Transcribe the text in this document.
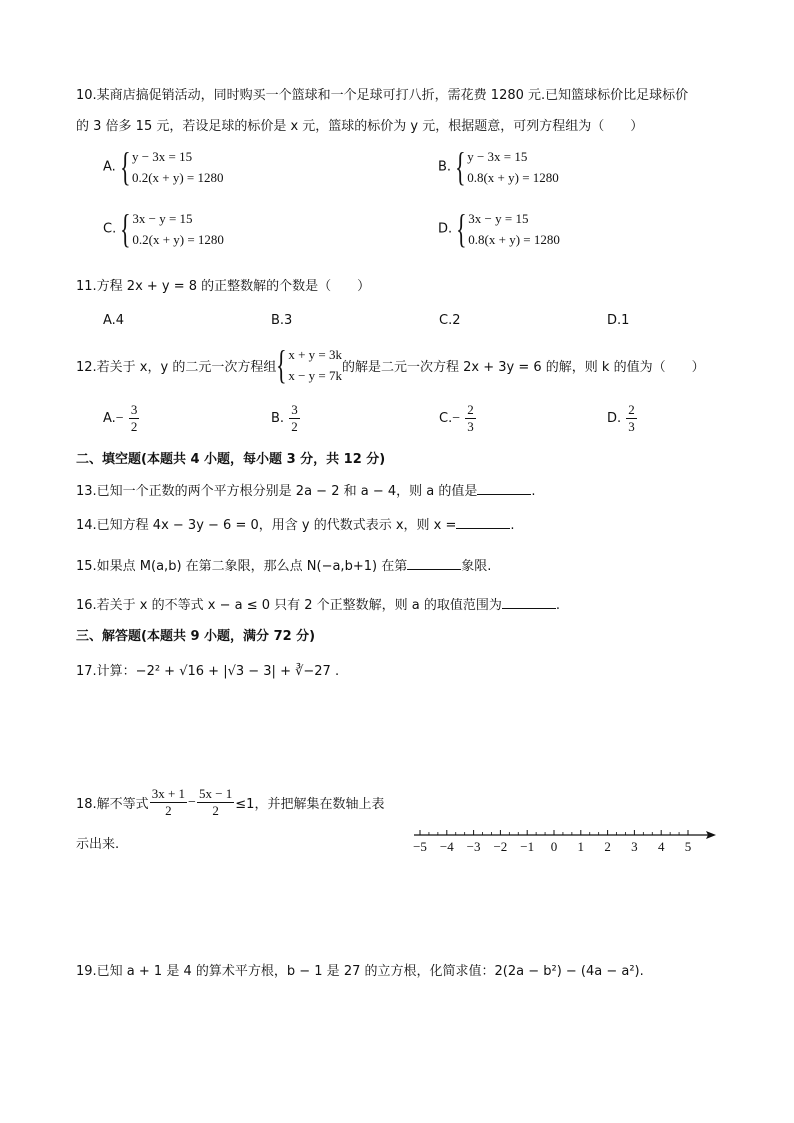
10.某商店搞促销活动，同时购买一个篮球和一个足球可打八折，需花费 1280 元.已知篮球标价比足球标价
的 3 倍多 15 元，若设足球的标价是 x 元，篮球的标价为 y 元，根据题意，可列方程组为（　　）
A. { y − 3x = 15
0.2(x + y) = 1280
B. { y − 3x = 15
0.8(x + y) = 1280
C. { 3x − y = 15
0.2(x + y) = 1280
D. { 3x − y = 15
0.8(x + y) = 1280
11.方程 2x + y = 8 的正整数解的个数是（　　）
A.4	B.3	C.2	D.1
12.若关于 x，y 的二元一次方程组 { x + y = 3k
x − y = 7k
的解是二元一次方程 2x + 3y = 6 的解，则 k 的值为（　　）
$A.- \frac{3}{2}$	B. $\frac{3}{2}$	$C.- \frac{2}{3}$	D. $\frac{2}{3}$
二、填空题(本题共 4 小题，每小题 3 分，共 12 分)
13.已知一个正数的两个平方根分别是 2a − 2 和 a − 4，则 a 的值是	.
14.已知方程 4x − 3y − 6 = 0，用含 y 的代数式表示 x，则 x =	.
15.如果点 M(a,b) 在第二象限，那么点 N(−a,b+1) 在第	象限.
16.若关于 x 的不等式 x − a ≤ 0 只有 2 个正整数解，则 a 的取值范围为	.
三、解答题(本题共 9 小题，满分 72 分)
17.计算：−2² + √16 + |√3 − 3| + ∛−27 .
18.解不等式 $\frac{3x + 1}{2} - \frac{5x - 1}{2} \le 1$，并把解集在数轴上表
示出来.	−5 −4 −3 −2 −1 0 1 2 3 4 5
19.已知 a + 1 是 4 的算术平方根，b − 1 是 27 的立方根，化简求值：2(2a − b²) − (4a − a²).
